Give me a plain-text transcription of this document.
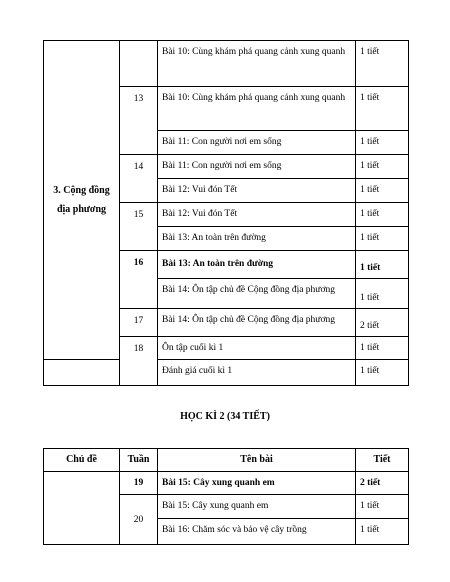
3. Cộng đồng địa phương		Bài 10: Cùng khám phá quang cảnh xung quanh	1 tiết
	13	Bài 10: Cùng khám phá quang cảnh xung quanh	1 tiết
		Bài 11: Con người nơi em sống	1 tiết
	14	Bài 11: Con người nơi em sống	1 tiết
		Bài 12: Vui đón Tết	1 tiết
	15	Bài 12: Vui đón Tết	1 tiết
		Bài 13: An toàn trên đường	1 tiết
	16	Bài 13: An toàn trên đường	1 tiết
		Bài 14: Ôn tập chủ đề Cộng đồng địa phương	1 tiết
	17	Bài 14: Ôn tập chủ đề Cộng đồng địa phương	2 tiết
	18	Ôn tập cuối kì 1	1 tiết
		Đánh giá cuối kì 1	1 tiết
HỌC KÌ 2 (34 TIẾT)
Chủ đề	Tuần	Tên bài	Tiết
	19	Bài 15: Cây xung quanh em	2 tiết
	20	Bài 15: Cây xung quanh em	1 tiết
		Bài 16: Chăm sóc và bảo vệ cây trồng	1 tiết
